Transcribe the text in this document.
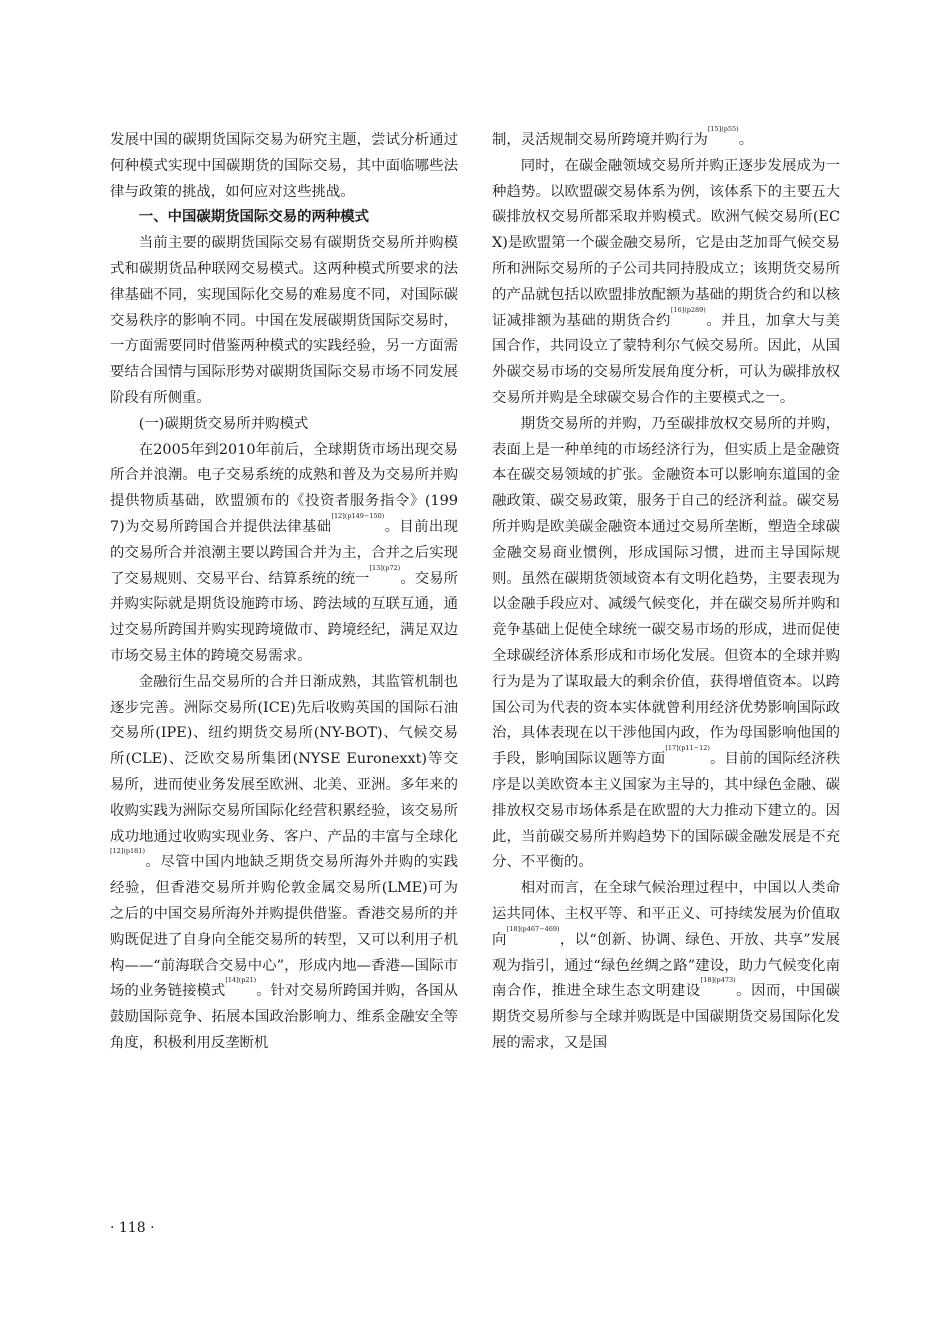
发展中国的碳期货国际交易为研究主题，尝试分析通过何种模式实现中国碳期货的国际交易，其中面临哪些法律与政策的挑战，如何应对这些挑战。

一、中国碳期货国际交易的两种模式

当前主要的碳期货国际交易有碳期货交易所并购模式和碳期货品种联网交易模式。这两种模式所要求的法律基础不同，实现国际化交易的难易度不同，对国际碳交易秩序的影响不同。中国在发展碳期货国际交易时，一方面需要同时借鉴两种模式的实践经验，另一方面需要结合国情与国际形势对碳期货国际交易市场不同发展阶段有所侧重。

(一)碳期货交易所并购模式

在2005年到2010年前后，全球期货市场出现交易所合并浪潮。电子交易系统的成熟和普及为交易所并购提供物质基础，欧盟颁布的《投资者服务指令》(1997)为交易所跨国合并提供法律基础$^{[12](p149-150)}$。目前出现的交易所合并浪潮主要以跨国合并为主，合并之后实现了交易规则、交易平台、结算系统的统一$^{[13](p72)}$。交易所并购实际就是期货设施跨市场、跨法域的互联互通，通过交易所跨国并购实现跨境做市、跨境经纪，满足双边市场交易主体的跨境交易需求。

金融衍生品交易所的合并日渐成熟，其监管机制也逐步完善。洲际交易所(ICE)先后收购英国的国际石油交易所(IPE)、纽约期货交易所(NY-BOT)、气候交易所(CLE)、泛欧交易所集团(NYSE Euronexxt)等交易所，进而使业务发展至欧洲、北美、亚洲。多年来的收购实践为洲际交易所国际化经营积累经验，该交易所成功地通过收购实现业务、客户、产品的丰富与全球化$^{[12](p181)}$。尽管中国内地缺乏期货交易所海外并购的实践经验，但香港交易所并购伦敦金属交易所(LME)可为之后的中国交易所海外并购提供借鉴。香港交易所的并购既促进了自身向全能交易所的转型，又可以利用子机构——“前海联合交易中心”，形成内地—香港—国际市场的业务链接模式$^{[14](p21)}$。针对交易所跨国并购，各国从鼓励国际竞争、拓展本国政治影响力、维系金融安全等角度，积极利用反垄断机

制，灵活规制交易所跨境并购行为$^{[15](p55)}$。

同时，在碳金融领域交易所并购正逐步发展成为一种趋势。以欧盟碳交易体系为例，该体系下的主要五大碳排放权交易所都采取并购模式。欧洲气候交易所(ECX)是欧盟第一个碳金融交易所，它是由芝加哥气候交易所和洲际交易所的子公司共同持股成立；该期货交易所的产品就包括以欧盟排放配额为基础的期货合约和以核证减排额为基础的期货合约$^{[16](p289)}$。并且，加拿大与美国合作，共同设立了蒙特利尔气候交易所。因此，从国外碳交易市场的交易所发展角度分析，可认为碳排放权交易所并购是全球碳交易合作的主要模式之一。

期货交易所的并购，乃至碳排放权交易所的并购，表面上是一种单纯的市场经济行为，但实质上是金融资本在碳交易领域的扩张。金融资本可以影响东道国的金融政策、碳交易政策，服务于自己的经济利益。碳交易所并购是欧美碳金融资本通过交易所垄断，塑造全球碳金融交易商业惯例，形成国际习惯，进而主导国际规则。虽然在碳期货领域资本有文明化趋势，主要表现为以金融手段应对、减缓气候变化，并在碳交易所并购和竞争基础上促使全球统一碳交易市场的形成，进而促使全球碳经济体系形成和市场化发展。但资本的全球并购行为是为了谋取最大的剩余价值，获得增值资本。以跨国公司为代表的资本实体就曾利用经济优势影响国际政治，具体表现在以干涉他国内政，作为母国影响他国的手段，影响国际议题等方面$^{[17](p11-12)}$。目前的国际经济秩序是以美欧资本主义国家为主导的，其中绿色金融、碳排放权交易市场体系是在欧盟的大力推动下建立的。因此，当前碳交易所并购趋势下的国际碳金融发展是不充分、不平衡的。

相对而言，在全球气候治理过程中，中国以人类命运共同体、主权平等、和平正义、可持续发展为价值取向$^{[18](p467-469)}$，以“创新、协调、绿色、开放、共享”发展观为指引，通过“绿色丝绸之路”建设，助力气候变化南南合作，推进全球生态文明建设$^{[18](p473)}$。因而，中国碳期货交易所参与全球并购既是中国碳期货交易国际化发展的需求，又是国

· 118 ·
